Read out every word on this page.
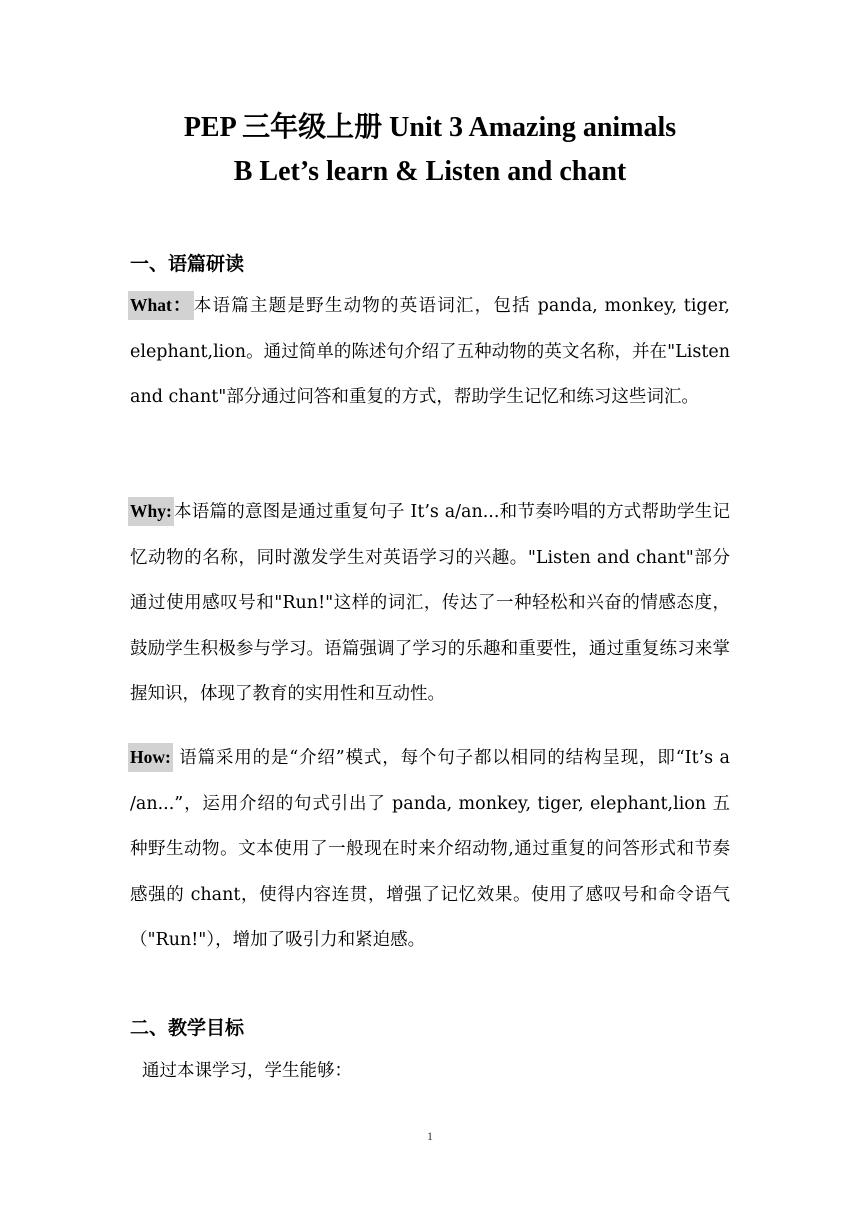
PEP 三年级上册 Unit 3 Amazing animals
B Let’s learn & Listen and chant
一、语篇研读
What： 本语篇主题是野生动物的英语词汇，包括 panda, monkey, tiger, elephant,lion。通过简单的陈述句介绍了五种动物的英文名称，并在"Listen and chant"部分通过问答和重复的方式，帮助学生记忆和练习这些词汇。
Why: 本语篇的意图是通过重复句子 It’s a/an...和节奏吟唱的方式帮助学生记忆动物的名称，同时激发学生对英语学习的兴趣。"Listen and chant"部分通过使用感叹号和"Run!"这样的词汇，传达了一种轻松和兴奋的情感态度，鼓励学生积极参与学习。语篇强调了学习的乐趣和重要性，通过重复练习来掌握知识，体现了教育的实用性和互动性。
How: 语篇采用的是“介绍”模式，每个句子都以相同的结构呈现，即“It’s a /an...”，运用介绍的句式引出了 panda, monkey, tiger, elephant,lion 五种野生动物。文本使用了一般现在时来介绍动物,通过重复的问答形式和节奏感强的 chant，使得内容连贯，增强了记忆效果。使用了感叹号和命令语气（"Run!"），增加了吸引力和紧迫感。
二、教学目标
通过本课学习，学生能够：
1
